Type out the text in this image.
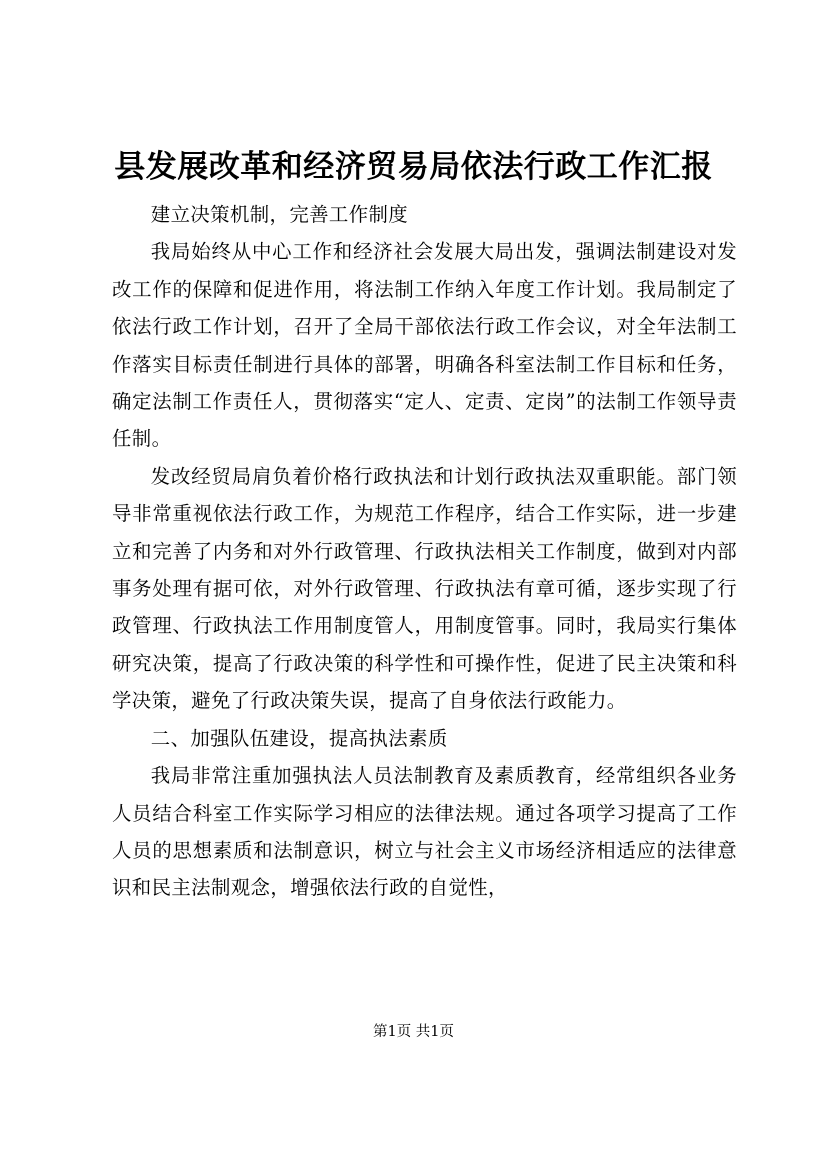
县发展改革和经济贸易局依法行政工作汇报

建立决策机制，完善工作制度

我局始终从中心工作和经济社会发展大局出发，强调法制建设对发改工作的保障和促进作用，将法制工作纳入年度工作计划。我局制定了依法行政工作计划，召开了全局干部依法行政工作会议，对全年法制工作落实目标责任制进行具体的部署，明确各科室法制工作目标和任务，确定法制工作责任人，贯彻落实“定人、定责、定岗”的法制工作领导责任制。

发改经贸局肩负着价格行政执法和计划行政执法双重职能。部门领导非常重视依法行政工作，为规范工作程序，结合工作实际，进一步建立和完善了内务和对外行政管理、行政执法相关工作制度，做到对内部事务处理有据可依，对外行政管理、行政执法有章可循，逐步实现了行政管理、行政执法工作用制度管人，用制度管事。同时，我局实行集体研究决策，提高了行政决策的科学性和可操作性，促进了民主决策和科学决策，避免了行政决策失误，提高了自身依法行政能力。

二、加强队伍建设，提高执法素质

我局非常注重加强执法人员法制教育及素质教育，经常组织各业务人员结合科室工作实际学习相应的法律法规。通过各项学习提高了工作人员的思想素质和法制意识，树立与社会主义市场经济相适应的法律意识和民主法制观念，增强依法行政的自觉性，

第1页 共1页
